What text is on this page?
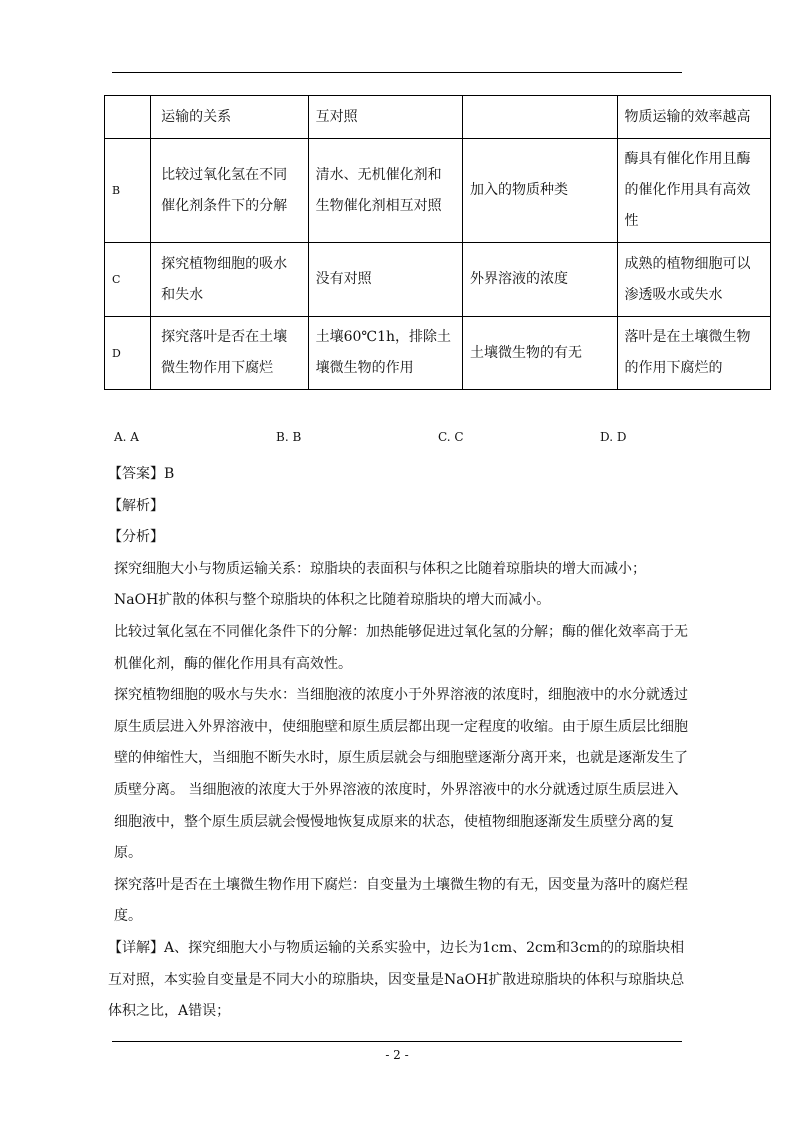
	运输的关系	互对照		物质运输的效率越高
B	比较过氧化氢在不同催化剂条件下的分解	清水、无机催化剂和生物催化剂相互对照	加入的物质种类	酶具有催化作用且酶的催化作用具有高效性
C	探究植物细胞的吸水和失水	没有对照	外界溶液的浓度	成熟的植物细胞可以渗透吸水或失水
D	探究落叶是否在土壤微生物作用下腐烂	土壤60℃1h，排除土壤微生物的作用	土壤微生物的有无	落叶是在土壤微生物的作用下腐烂的
A. A	B. B	C. C	D. D

【答案】B

【解析】

【分析】

探究细胞大小与物质运输关系：琼脂块的表面积与体积之比随着琼脂块的增大而减小；NaOH扩散的体积与整个琼脂块的体积之比随着琼脂块的增大而减小。

比较过氧化氢在不同催化条件下的分解：加热能够促进过氧化氢的分解；酶的催化效率高于无机催化剂，酶的催化作用具有高效性。

探究植物细胞的吸水与失水：当细胞液的浓度小于外界溶液的浓度时，细胞液中的水分就透过原生质层进入外界溶液中，使细胞壁和原生质层都出现一定程度的收缩。由于原生质层比细胞壁的伸缩性大，当细胞不断失水时，原生质层就会与细胞壁逐渐分离开来，也就是逐渐发生了质壁分离。 当细胞液的浓度大于外界溶液的浓度时，外界溶液中的水分就透过原生质层进入细胞液中，整个原生质层就会慢慢地恢复成原来的状态，使植物细胞逐渐发生质壁分离的复原。

探究落叶是否在土壤微生物作用下腐烂：自变量为土壤微生物的有无，因变量为落叶的腐烂程度。

【详解】A、探究细胞大小与物质运输的关系实验中，边长为1cm、2cm和3cm的的琼脂块相互对照，本实验自变量是不同大小的琼脂块，因变量是NaOH扩散进琼脂块的体积与琼脂块总体积之比，A错误；

- 2 -
